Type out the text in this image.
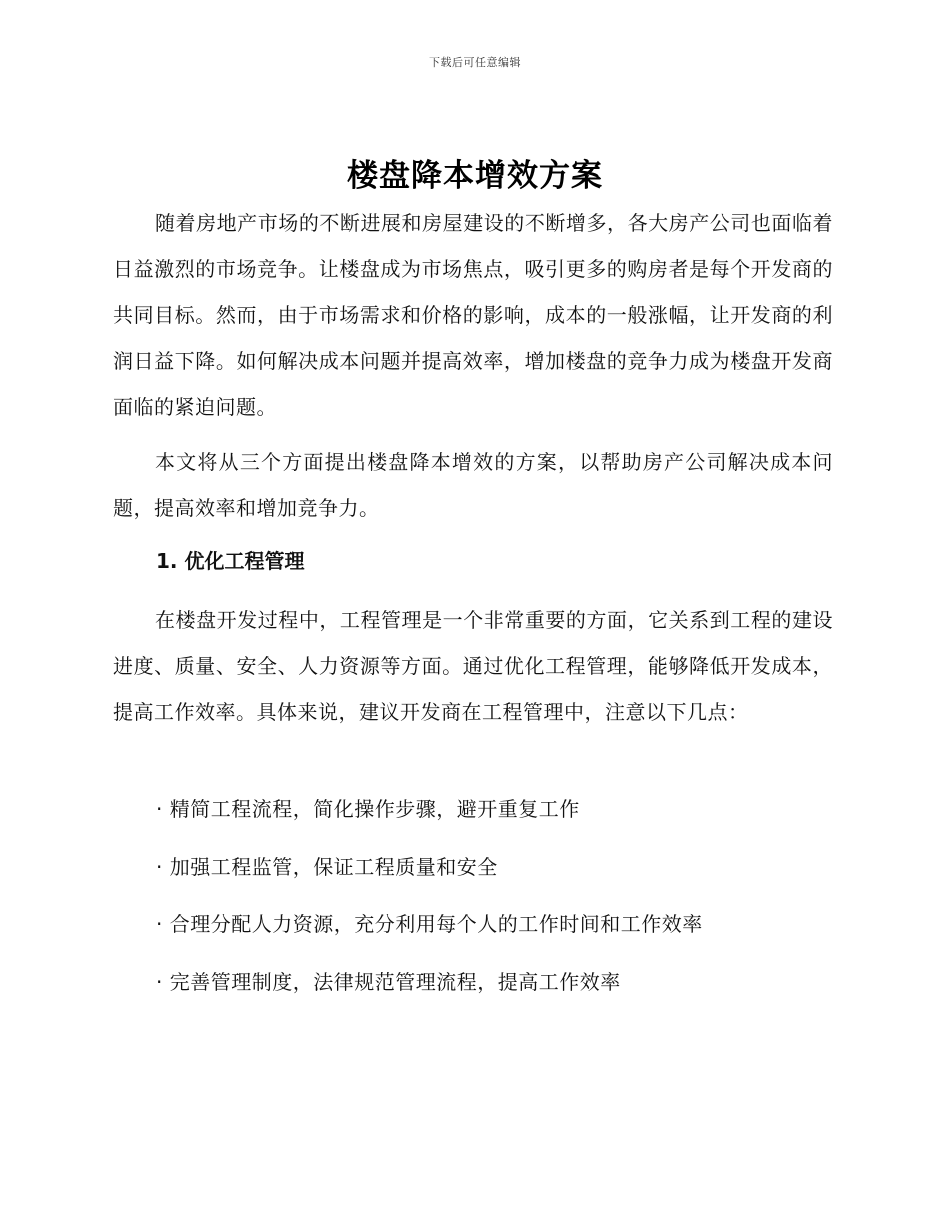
下载后可任意编辑
楼盘降本增效方案

随着房地产市场的不断进展和房屋建设的不断增多，各大房产公司也面临着日益激烈的市场竞争。让楼盘成为市场焦点，吸引更多的购房者是每个开发商的共同目标。然而，由于市场需求和价格的影响，成本的一般涨幅，让开发商的利润日益下降。如何解决成本问题并提高效率，增加楼盘的竞争力成为楼盘开发商面临的紧迫问题。

本文将从三个方面提出楼盘降本增效的方案，以帮助房产公司解决成本问题，提高效率和增加竞争力。

1. 优化工程管理

在楼盘开发过程中，工程管理是一个非常重要的方面，它关系到工程的建设进度、质量、安全、人力资源等方面。通过优化工程管理，能够降低开发成本，提高工作效率。具体来说，建议开发商在工程管理中，注意以下几点：

· 精简工程流程，简化操作步骤，避开重复工作

· 加强工程监管，保证工程质量和安全

· 合理分配人力资源，充分利用每个人的工作时间和工作效率

· 完善管理制度，法律规范管理流程，提高工作效率
